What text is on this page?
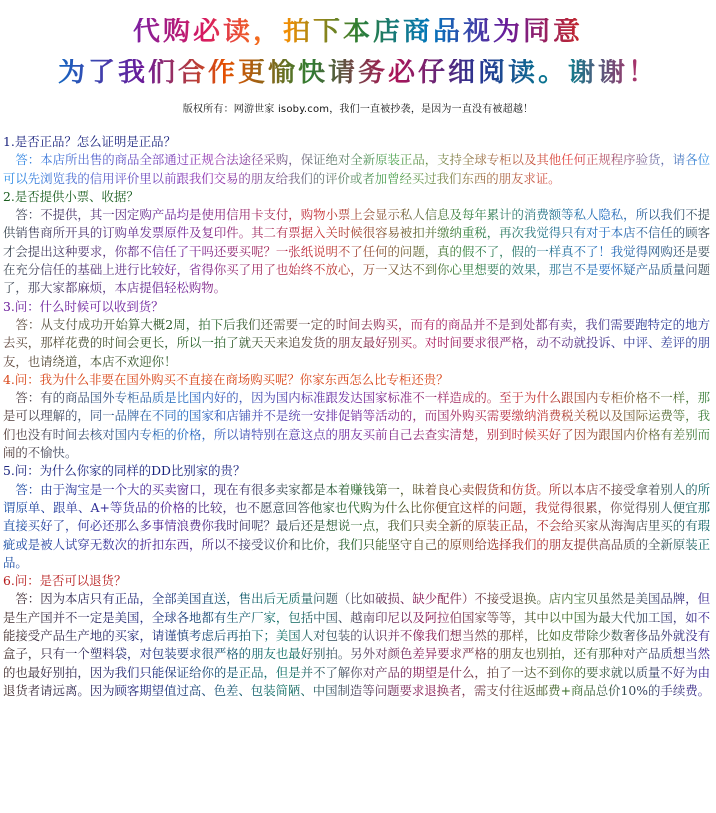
代购必读，拍下本店商品视为同意
为了我们合作更愉快请务必仔细阅读。谢谢！
版权所有：网游世家 isoby.com，我们一直被抄袭，是因为一直没有被超越！

1.是否正品？怎么证明是正品？

　答：本店所出售的商品全部通过正规合法途径采购，保证绝对全新原装正品，支持全球专柜以及其他任何正规程序验货，请各位可以先浏览我的信用评价里以前跟我们交易的朋友给我们的评价或者加曾经买过我们东西的朋友求证。

2.是否提供小票、收据？

　答：不提供，其一因定购产品均是使用信用卡支付，购物小票上会显示私人信息及每年累计的消费额等私人隐私，所以我们不提供销售商所开具的订购单发票原件及复印件。其二有票据入关时候很容易被扣并缴纳重税，再次我觉得只有对于本店不信任的顾客才会提出这种要求，你都不信任了干吗还要买呢？一张纸说明不了任何的问题，真的假不了，假的一样真不了！我觉得网购还是要在充分信任的基础上进行比较好，省得你买了用了也始终不放心，万一又达不到你心里想要的效果，那岂不是要怀疑产品质量问题了，那大家都麻烦，本店提倡轻松购物。

3.问：什么时候可以收到货？

　答：从支付成功开始算大概2周，拍下后我们还需要一定的时间去购买，而有的商品并不是到处都有卖，我们需要跑特定的地方去买，那样花费的时间会更长，所以一拍了就天天来追发货的朋友最好别买。对时间要求很严格，动不动就投诉、中评、差评的朋友，也请绕道，本店不欢迎你！

4.问：我为什么非要在国外购买不直接在商场购买呢？你家东西怎么比专柜还贵？

　答：有的商品国外专柜品质是比国内好的，因为国内标准跟发达国家标准不一样造成的。至于为什么跟国内专柜价格不一样，那是可以理解的，同一品牌在不同的国家和店铺并不是统一安排促销等活动的，而国外购买需要缴纳消费税关税以及国际运费等，我们也没有时间去核对国内专柜的价格，所以请特别在意这点的朋友买前自己去查实清楚，别到时候买好了因为跟国内价格有差别而闹的不愉快。

5.问：为什么你家的同样的DD比别家的贵？

　答：由于淘宝是一个大的买卖窗口，现在有很多卖家都是本着赚钱第一，昧着良心卖假货和仿货。所以本店不接受拿着别人的所谓原单、跟单、A+等货品的价格的比较，也不愿意回答他家也代购为什么比你便宜这样的问题，我觉得很累，你觉得别人便宜那直接买好了，何必还那么多事情浪费你我时间呢？最后还是想说一点，我们只卖全新的原装正品，不会给买家从海淘店里买的有瑕疵或是被人试穿无数次的折扣东西，所以不接受议价和比价，我们只能坚守自己的原则给选择我们的朋友提供高品质的全新原装正品。

6.问：是否可以退货？

　答：因为本店只有正品，全部美国直送，售出后无质量问题（比如破损、缺少配件）不接受退换。店内宝贝虽然是美国品牌，但是生产国并不一定是美国，全球各地都有生产厂家，包括中国、越南印尼以及阿拉伯国家等等，其中以中国为最大代加工国，如不能接受产品生产地的买家，请谨慎考虑后再拍下；美国人对包装的认识并不像我们想当然的那样，比如皮带除少数奢侈品外就没有盒子，只有一个塑料袋，对包装要求很严格的朋友也最好别拍。另外对颜色差异要求严格的朋友也别拍，还有那种对产品质想当然的也最好别拍，因为我们只能保证给你的是正品，但是并不了解你对产品的期望是什么，拍了一达不到你的要求就以质量不好为由退货者请远离。因为顾客期望值过高、色差、包装简陋、中国制造等问题要求退换者，需支付往返邮费+商品总价10%的手续费。
